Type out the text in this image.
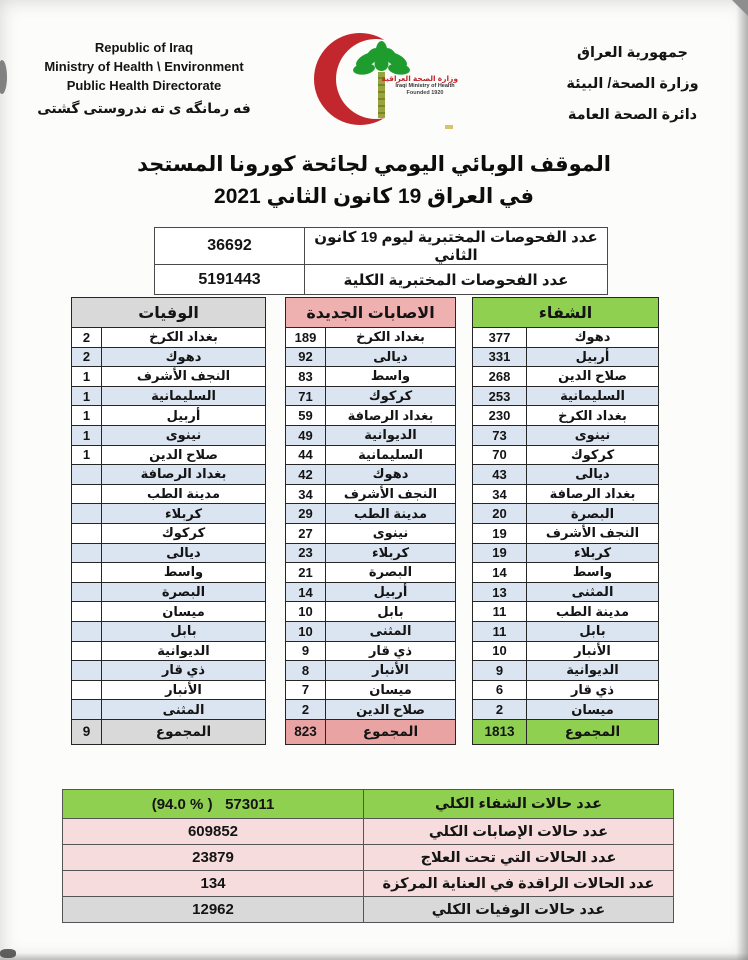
Republic of Iraq
Ministry of Health \ Environment
Public Health Directorate
فه رمانگه ی ته ندروستی گشتی
وزارة الصحة العراقية
Iraqi Ministry of Health
Founded 1920
جمهورية العراق
وزارة الصحة/ البيئة
دائرة الصحة العامة
الموقف الوبائي اليومي لجائحة كورونا المستجد
في العراق 19 كانون الثاني 2021
36692	عدد الفحوصات المختبرية ليوم 19 كانون الثاني
5191443	عدد الفحوصات المختبرية الكلية
الوفيات	
2	بغداد الكرخ
2	دهوك
1	النجف الأشرف
1	السليمانية
1	أربيل
1	نينوى
1	صلاح الدين
	بغداد الرصافة
	مدينة الطب
	كربلاء
	كركوك
	ديالى
	واسط
	البصرة
	ميسان
	بابل
	الديوانية
	ذي قار
	الأنبار
	المثنى
9	المجموع
الاصابات الجديدة	
189	بغداد الكرخ
92	ديالى
83	واسط
71	كركوك
59	بغداد الرصافة
49	الديوانية
44	السليمانية
42	دهوك
34	النجف الأشرف
29	مدينة الطب
27	نينوى
23	كربلاء
21	البصرة
14	أربيل
10	بابل
10	المثنى
9	ذي قار
8	الأنبار
7	ميسان
2	صلاح الدين
823	المجموع
الشفاء	
377	دهوك
331	أربيل
268	صلاح الدين
253	السليمانية
230	بغداد الكرخ
73	نينوى
70	كركوك
43	ديالى
34	بغداد الرصافة
20	البصرة
19	النجف الأشرف
19	كربلاء
14	واسط
13	المثنى
11	مدينة الطب
11	بابل
10	الأنبار
9	الديوانية
6	ذي قار
2	ميسان
1813	المجموع
(94.0 % )   573011	عدد حالات الشفاء الكلي
609852	عدد حالات الإصابات الكلي
23879	عدد الحالات التي تحت العلاج
134	عدد الحالات الراقدة في العناية المركزة
12962	عدد حالات الوفيات الكلي
